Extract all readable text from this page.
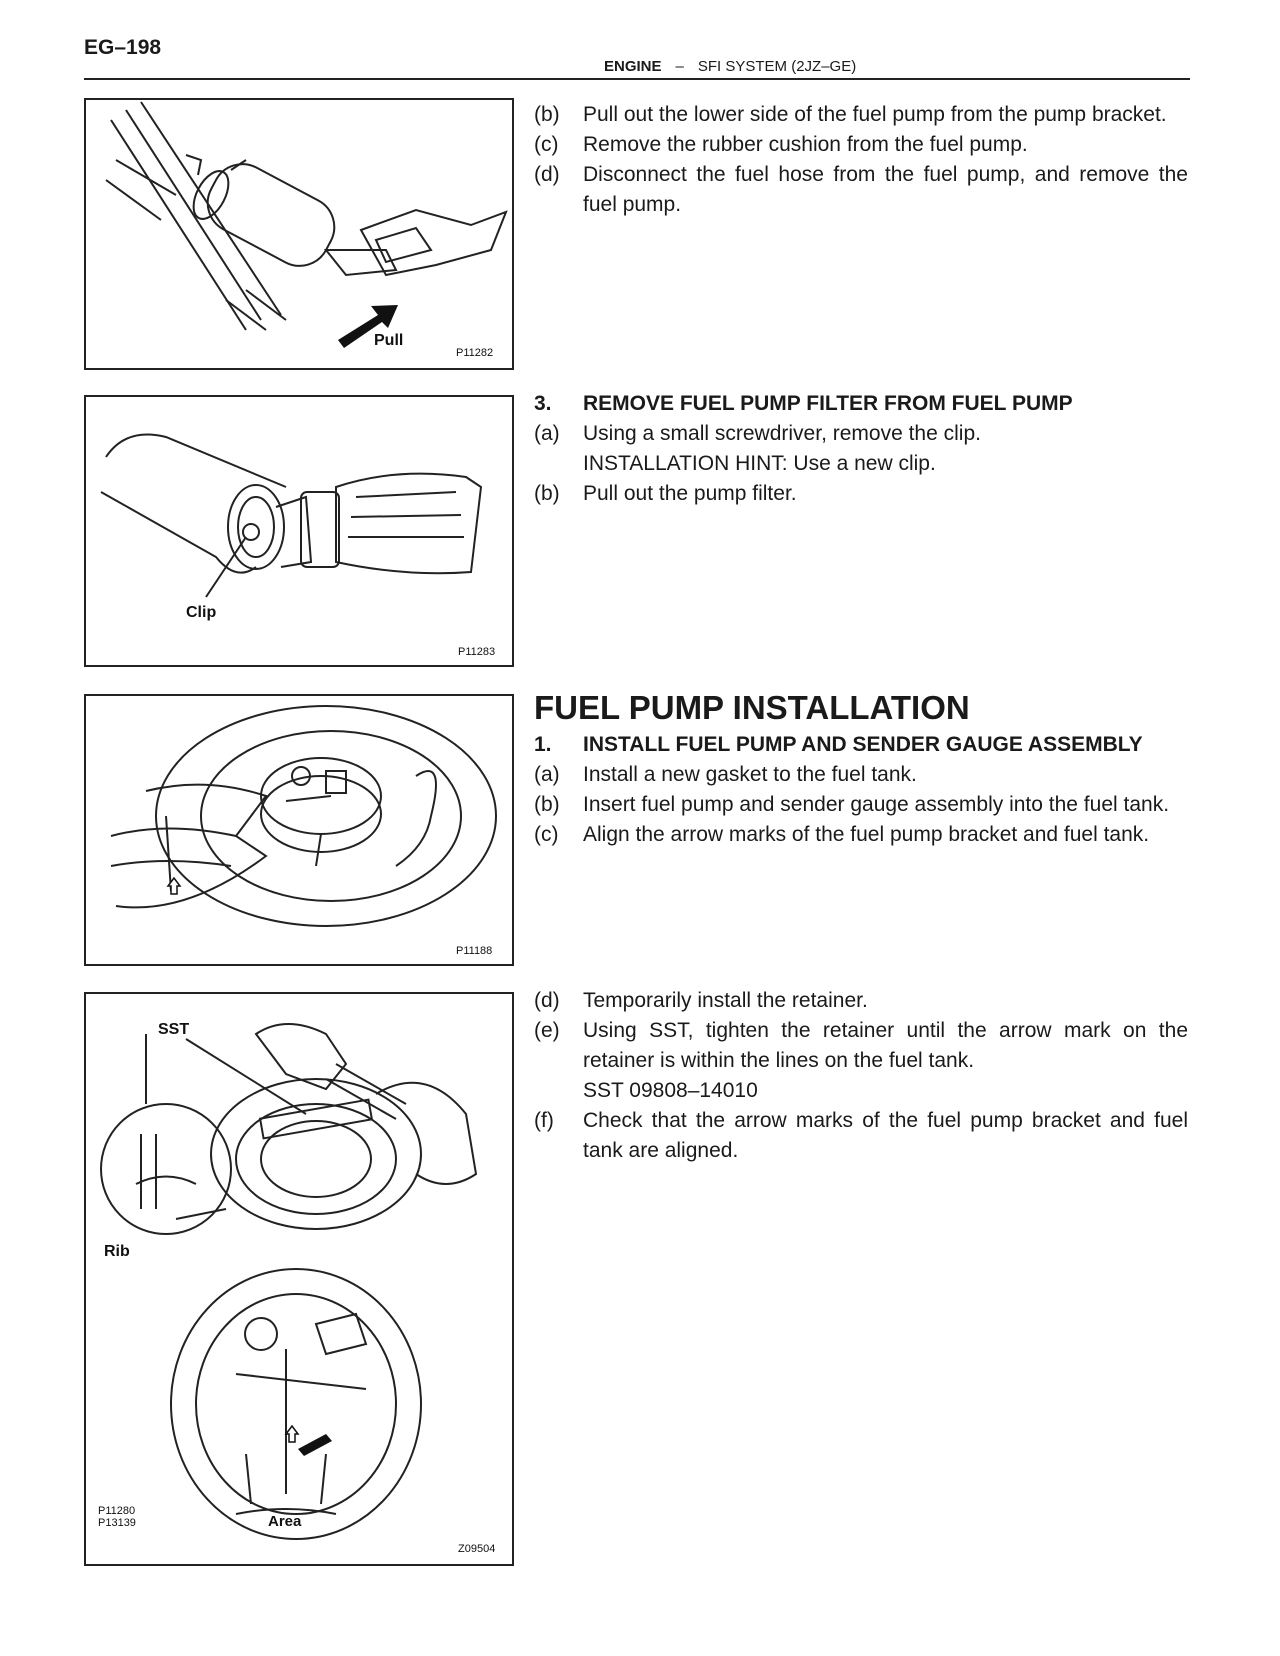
EG–198
ENGINE – SFI SYSTEM (2JZ–GE)
Pull
P11282
Clip
P11283
P11188
SST
Rib
Area
P11280
P13139
Z09504
(b) Pull out the lower side of the fuel pump from the pump bracket.
(c) Remove the rubber cushion from the fuel pump.
(d) Disconnect the fuel hose from the fuel pump, and remove the fuel pump.
3. REMOVE FUEL PUMP FILTER FROM FUEL PUMP
(a) Using a small screwdriver, remove the clip.
INSTALLATION HINT: Use a new clip.
(b) Pull out the pump filter.
FUEL PUMP INSTALLATION
1. INSTALL FUEL PUMP AND SENDER GAUGE ASSEMBLY
(a) Install a new gasket to the fuel tank.
(b) Insert fuel pump and sender gauge assembly into the fuel tank.
(c) Align the arrow marks of the fuel pump bracket and fuel tank.
(d) Temporarily install the retainer.
(e) Using SST, tighten the retainer until the arrow mark on the retainer is within the lines on the fuel tank.
SST 09808–14010
(f) Check that the arrow marks of the fuel pump bracket and fuel tank are aligned.
